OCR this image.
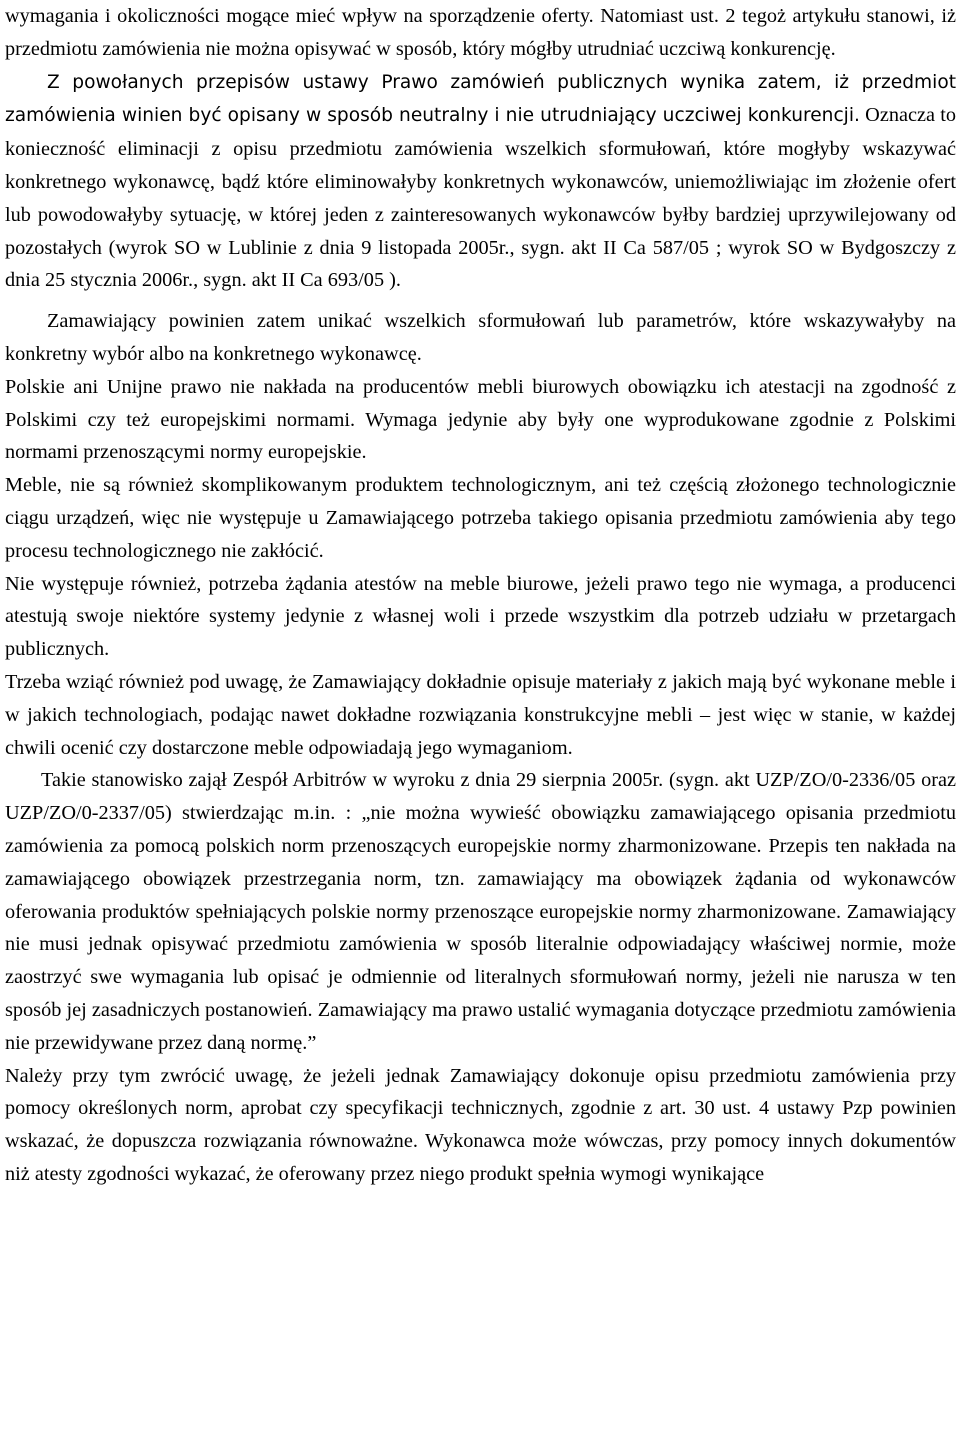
wymagania i okoliczności mogące mieć wpływ na sporządzenie oferty. Natomiast ust. 2 tegoż artykułu stanowi, iż przedmiotu zamówienia nie można opisywać w sposób, który mógłby utrudniać uczciwą konkurencję.

Z powołanych przepisów ustawy Prawo zamówień publicznych wynika zatem, iż przedmiot zamówienia winien być opisany w sposób neutralny i nie utrudniający uczciwej konkurencji. Oznacza to konieczność eliminacji z opisu przedmiotu zamówienia wszelkich sformułowań, które mogłyby wskazywać konkretnego wykonawcę, bądź które eliminowałyby konkretnych wykonawców, uniemożliwiając im złożenie ofert lub powodowałyby sytuację, w której jeden z zainteresowanych wykonawców byłby bardziej uprzywilejowany od pozostałych (wyrok SO w Lublinie z dnia 9 listopada 2005r., sygn. akt II Ca 587/05 ; wyrok SO w Bydgoszczy z dnia 25 stycznia 2006r., sygn. akt II Ca 693/05 ).

Zamawiający powinien zatem unikać wszelkich sformułowań lub parametrów, które wskazywałyby na konkretny wybór albo na konkretnego wykonawcę.

Polskie ani Unijne prawo nie nakłada na producentów mebli biurowych obowiązku ich atestacji na zgodność z Polskimi czy też europejskimi normami. Wymaga jedynie aby były one wyprodukowane zgodnie z Polskimi normami przenoszącymi normy europejskie.

Meble, nie są również skomplikowanym produktem technologicznym, ani też częścią złożonego technologicznie ciągu urządzeń, więc nie występuje u Zamawiającego potrzeba takiego opisania przedmiotu zamówienia aby tego procesu technologicznego nie zakłócić.

Nie występuje również, potrzeba żądania atestów na meble biurowe, jeżeli prawo tego nie wymaga, a producenci atestują swoje niektóre systemy jedynie z własnej woli i przede wszystkim dla potrzeb udziału w przetargach publicznych.

Trzeba wziąć również pod uwagę, że Zamawiający dokładnie opisuje materiały z jakich mają być wykonane meble i w jakich technologiach, podając nawet dokładne rozwiązania konstrukcyjne mebli – jest więc w stanie, w każdej chwili ocenić czy dostarczone meble odpowiadają jego wymaganiom.

Takie stanowisko zajął Zespół Arbitrów w wyroku z dnia 29 sierpnia 2005r. (sygn. akt UZP/ZO/0-2336/05 oraz UZP/ZO/0-2337/05) stwierdzając m.in. : „nie można wywieść obowiązku zamawiającego opisania przedmiotu zamówienia za pomocą polskich norm przenoszących europejskie normy zharmonizowane. Przepis ten nakłada na zamawiającego obowiązek przestrzegania norm, tzn. zamawiający ma obowiązek żądania od wykonawców oferowania produktów spełniających polskie normy przenoszące europejskie normy zharmonizowane. Zamawiający nie musi jednak opisywać przedmiotu zamówienia w sposób literalnie odpowiadający właściwej normie, może zaostrzyć swe wymagania lub opisać je odmiennie od literalnych sformułowań normy, jeżeli nie narusza w ten sposób jej zasadniczych postanowień. Zamawiający ma prawo ustalić wymagania dotyczące przedmiotu zamówienia nie przewidywane przez daną normę.”

Należy przy tym zwrócić uwagę, że jeżeli jednak Zamawiający dokonuje opisu przedmiotu zamówienia przy pomocy określonych norm, aprobat czy specyfikacji technicznych, zgodnie z art. 30 ust. 4 ustawy Pzp powinien wskazać, że dopuszcza rozwiązania równoważne. Wykonawca może wówczas, przy pomocy innych dokumentów niż atesty zgodności wykazać, że oferowany przez niego produkt spełnia wymogi wynikające
